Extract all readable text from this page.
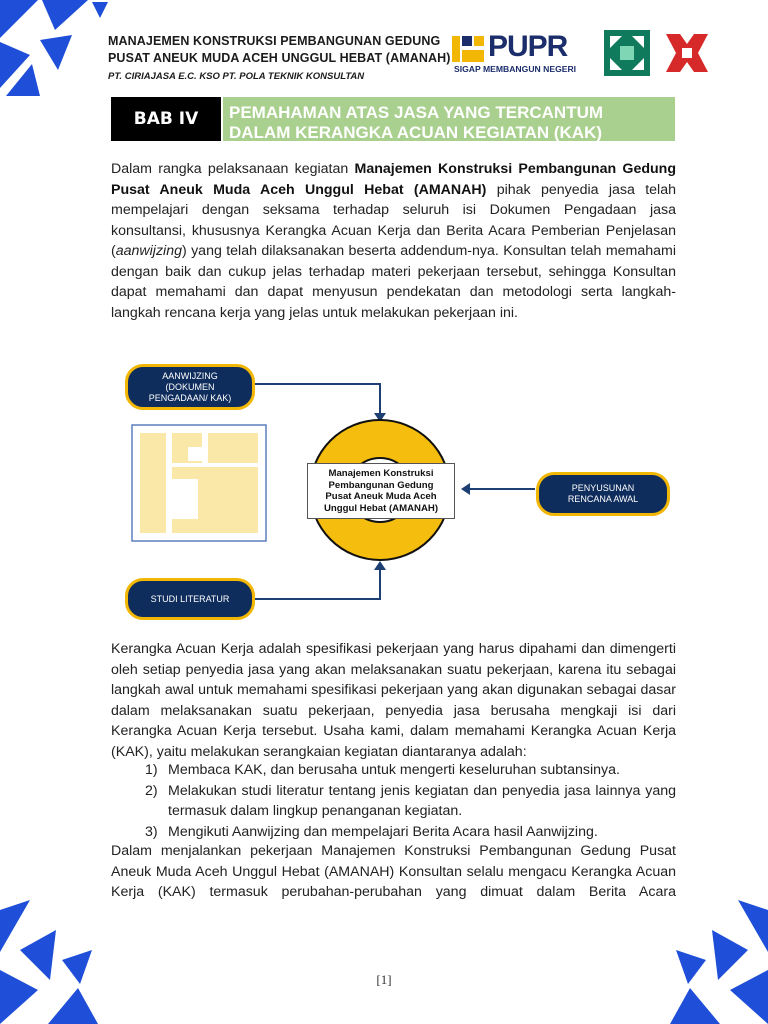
MANAJEMEN KONSTRUKSI PEMBANGUNAN GEDUNG
PUSAT ANEUK MUDA ACEH UNGGUL HEBAT (AMANAH)
PT. CIRIAJASA E.C. KSO PT. POLA TEKNIK KONSULTAN
PUPR
SIGAP MEMBANGUN NEGERI
BAB IV	PEMAHAMAN ATAS JASA YANG TERCANTUM
DALAM KERANGKA ACUAN KEGIATAN (KAK)
Dalam rangka pelaksanaan kegiatan Manajemen Konstruksi Pembangunan Gedung Pusat Aneuk Muda Aceh Unggul Hebat (AMANAH) pihak penyedia jasa telah mempelajari dengan seksama terhadap seluruh isi Dokumen Pengadaan jasa konsultansi, khususnya Kerangka Acuan Kerja dan Berita Acara Pemberian Penjelasan (aanwijzing) yang telah dilaksanakan beserta addendum-nya. Konsultan telah memahami dengan baik dan cukup jelas terhadap materi pekerjaan tersebut, sehingga Konsultan dapat memahami dan dapat menyusun pendekatan dan metodologi serta langkah-langkah rencana kerja yang jelas untuk melakukan pekerjaan ini.
AANWIJZING
(DOKUMEN
PENGADAAN/ KAK)
PENYUSUNAN
RENCANA AWAL
STUDI LITERATUR
Manajemen Konstruksi
Pembangunan Gedung
Pusat Aneuk Muda Aceh
Unggul Hebat (AMANAH)
Kerangka Acuan Kerja adalah spesifikasi pekerjaan yang harus dipahami dan dimengerti oleh setiap penyedia jasa yang akan melaksanakan suatu pekerjaan, karena itu sebagai langkah awal untuk memahami spesifikasi pekerjaan yang akan digunakan sebagai dasar dalam melaksanakan suatu pekerjaan, penyedia jasa berusaha mengkaji isi dari Kerangka Acuan Kerja tersebut. Usaha kami, dalam memahami Kerangka Acuan Kerja (KAK), yaitu melakukan serangkaian kegiatan diantaranya adalah:
1) Membaca KAK, dan berusaha untuk mengerti keseluruhan subtansinya.
2) Melakukan studi literatur tentang jenis kegiatan dan penyedia jasa lainnya yang termasuk dalam lingkup penanganan kegiatan.
3) Mengikuti Aanwijzing dan mempelajari Berita Acara hasil Aanwijzing.
Dalam menjalankan pekerjaan Manajemen Konstruksi Pembangunan Gedung Pusat Aneuk Muda Aceh Unggul Hebat (AMANAH) Konsultan selalu mengacu Kerangka Acuan Kerja (KAK) termasuk perubahan-perubahan yang dimuat dalam Berita Acara
[1]
